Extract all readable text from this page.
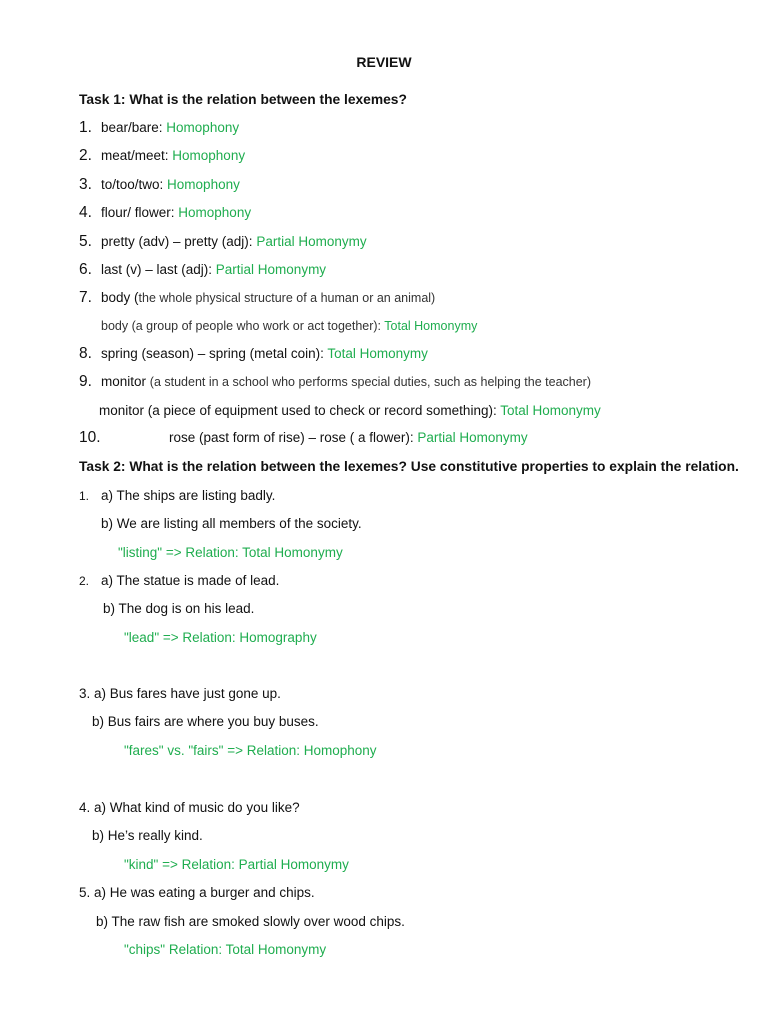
REVIEW
Task 1: What is the relation between the lexemes?
1. bear/bare: Homophony
2. meat/meet: Homophony
3. to/too/two: Homophony
4. flour/ flower: Homophony
5. pretty (adv) – pretty (adj): Partial Homonymy
6. last (v) – last (adj): Partial Homonymy
7. body (the whole physical structure of a human or an animal)
body (a group of people who work or act together): Total Homonymy
8. spring (season) – spring (metal coin): Total Homonymy
9. monitor (a student in a school who performs special duties, such as helping the teacher)
monitor (a piece of equipment used to check or record something): Total Homonymy
10.	rose (past form of rise) – rose ( a flower): Partial Homonymy
Task 2: What is the relation between the lexemes? Use constitutive properties to explain the relation.
1. a) The ships are listing badly.
b) We are listing all members of the society.
"listing" => Relation: Total Homonymy
2. a) The statue is made of lead.
b) The dog is on his lead.
"lead" => Relation: Homography
3. a) Bus fares have just gone up.
b) Bus fairs are where you buy buses.
"fares" vs. "fairs" => Relation: Homophony
4. a) What kind of music do you like?
b) He’s really kind.
"kind" => Relation: Partial Homonymy
5. a) He was eating a burger and chips.
b) The raw fish are smoked slowly over wood chips.
"chips" Relation: Total Homonymy
